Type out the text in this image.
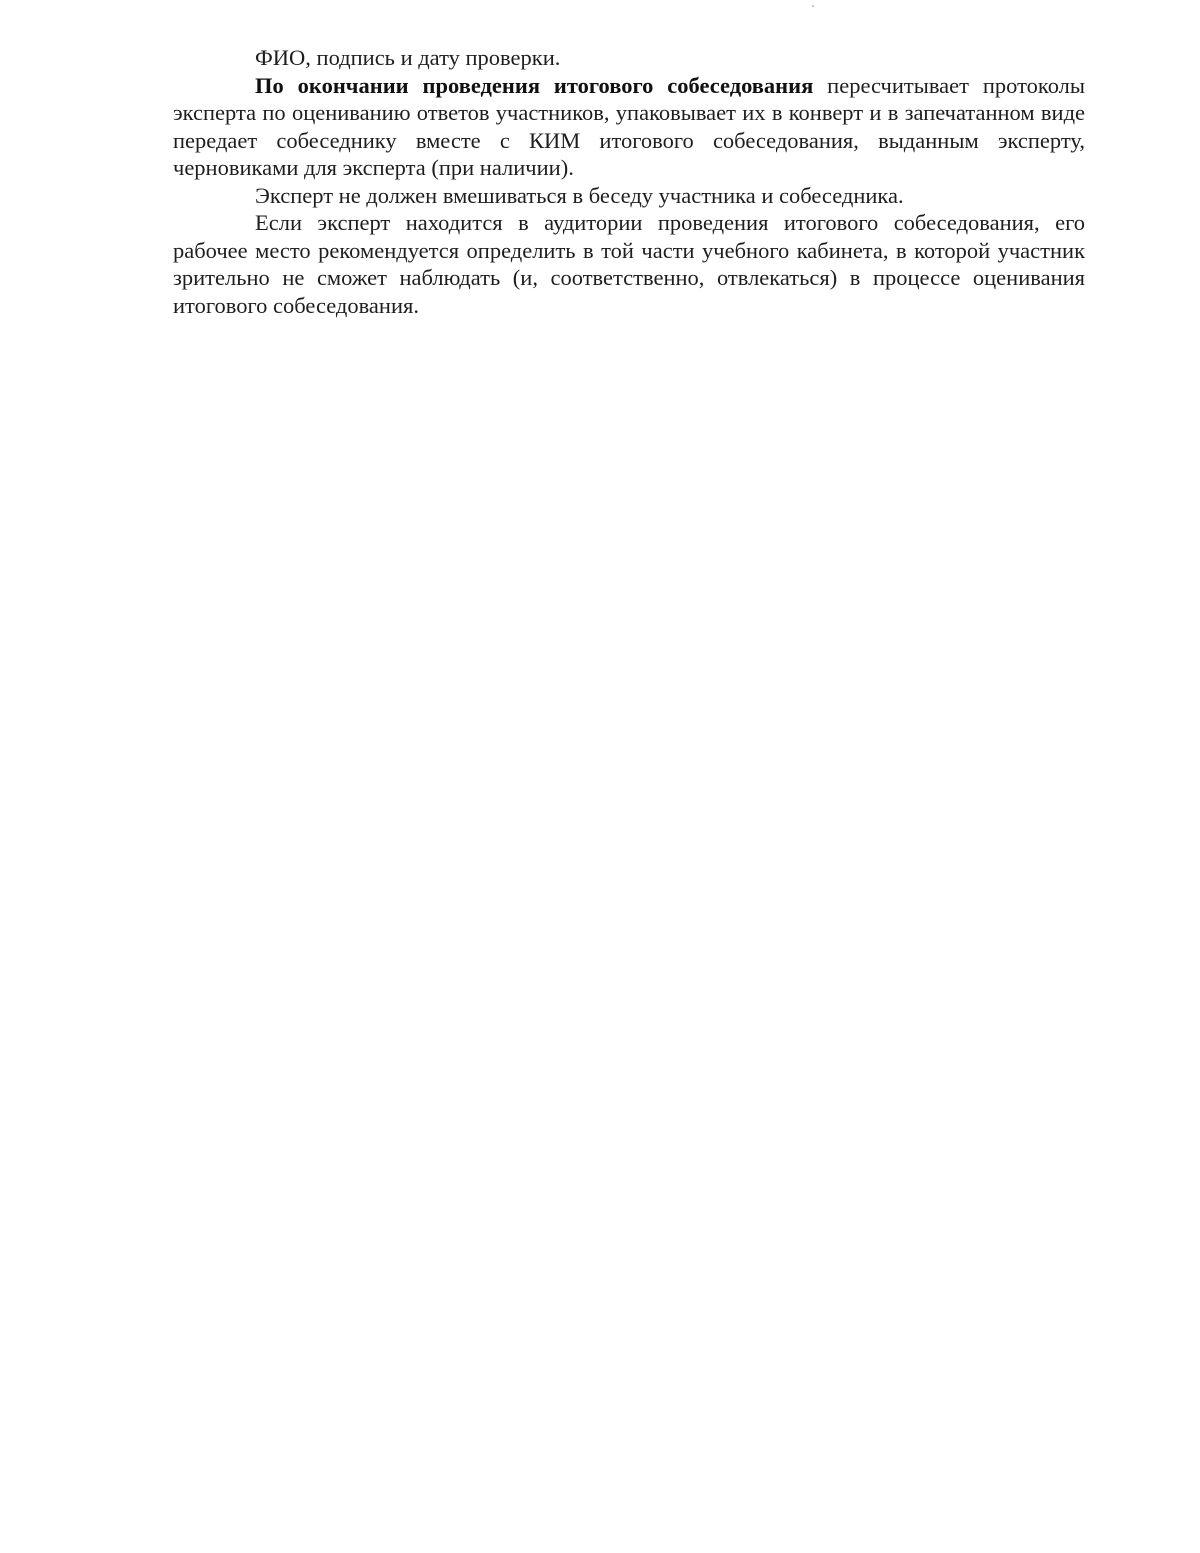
ФИО, подпись и дату проверки.

По окончании проведения итогового собеседования пересчитывает протоколы эксперта по оцениванию ответов участников, упаковывает их в конверт и в запечатанном виде передает собеседнику вместе с КИМ итогового собеседования, выданным эксперту, черновиками для эксперта (при наличии).

Эксперт не должен вмешиваться в беседу участника и собеседника.

Если эксперт находится в аудитории проведения итогового собеседования, его рабочее место рекомендуется определить в той части учебного кабинета, в которой участник зрительно не сможет наблюдать (и, соответственно, отвлекаться) в процессе оценивания итогового собеседования.
